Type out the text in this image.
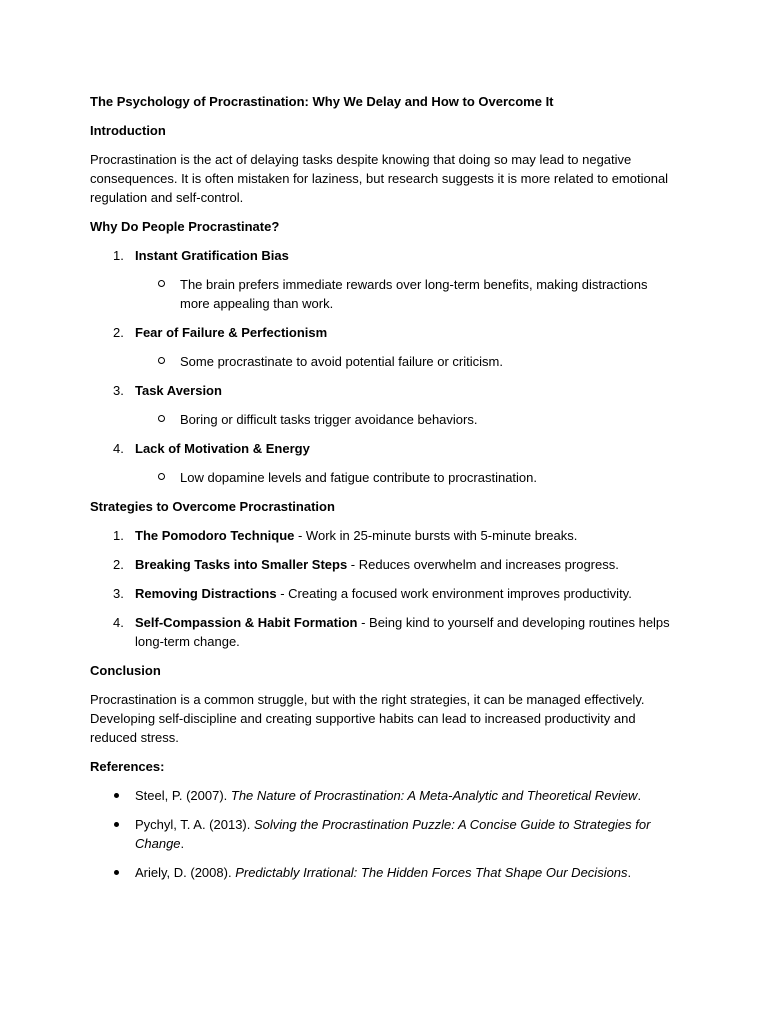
The Psychology of Procrastination: Why We Delay and How to Overcome It
Introduction
Procrastination is the act of delaying tasks despite knowing that doing so may lead to negative consequences. It is often mistaken for laziness, but research suggests it is more related to emotional regulation and self-control.
Why Do People Procrastinate?
1. Instant Gratification Bias
The brain prefers immediate rewards over long-term benefits, making distractions more appealing than work.
2. Fear of Failure & Perfectionism
Some procrastinate to avoid potential failure or criticism.
3. Task Aversion
Boring or difficult tasks trigger avoidance behaviors.
4. Lack of Motivation & Energy
Low dopamine levels and fatigue contribute to procrastination.
Strategies to Overcome Procrastination
1. The Pomodoro Technique - Work in 25-minute bursts with 5-minute breaks.
2. Breaking Tasks into Smaller Steps - Reduces overwhelm and increases progress.
3. Removing Distractions - Creating a focused work environment improves productivity.
4. Self-Compassion & Habit Formation - Being kind to yourself and developing routines helps long-term change.
Conclusion
Procrastination is a common struggle, but with the right strategies, it can be managed effectively. Developing self-discipline and creating supportive habits can lead to increased productivity and reduced stress.
References:
Steel, P. (2007). The Nature of Procrastination: A Meta-Analytic and Theoretical Review.
Pychyl, T. A. (2013). Solving the Procrastination Puzzle: A Concise Guide to Strategies for Change.
Ariely, D. (2008). Predictably Irrational: The Hidden Forces That Shape Our Decisions.
